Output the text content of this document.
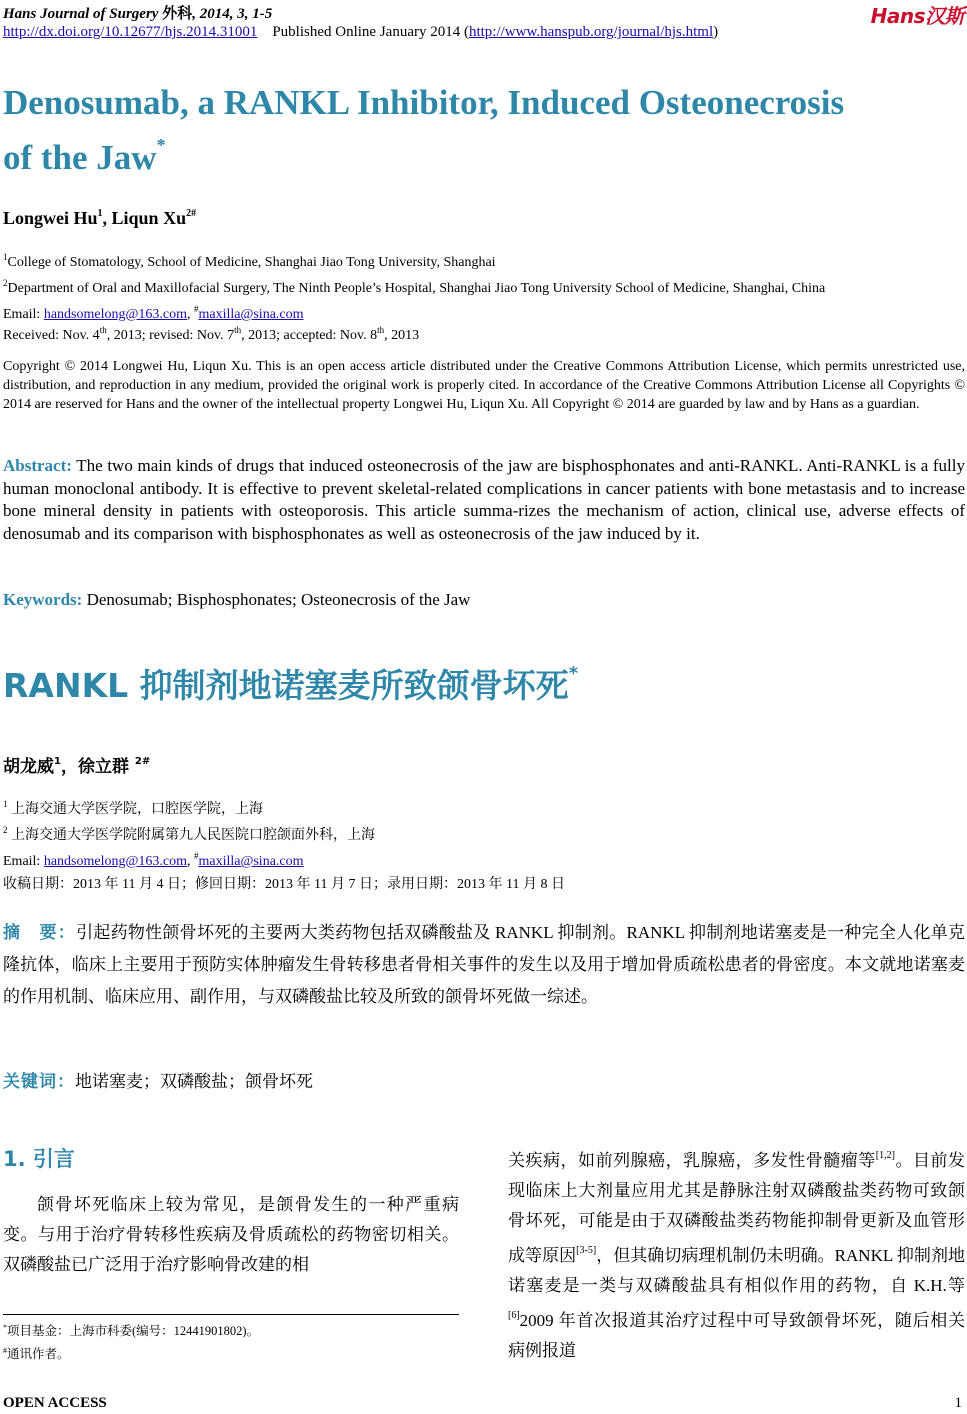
Hans Journal of Surgery 外科, 2014, 3, 1-5
http://dx.doi.org/10.12677/hjs.2014.31001 Published Online January 2014 (http://www.hanspub.org/journal/hjs.html)
Hans汉斯
Denosumab, a RANKL Inhibitor, Induced Osteonecrosis
of the Jaw*
Longwei Hu$^1$, Liqun $Xu^{2\#}$
$^1$College of Stomatology, School of Medicine, Shanghai Jiao Tong University, Shanghai
$^2$Department of Oral and Maxillofacial Surgery, The Ninth People’s Hospital, Shanghai Jiao Tong University School of Medicine, Shanghai, China
Email: handsomelong@163.com, #maxilla@sina.com
Received: Nov. 4th, 2013; revised: Nov. 7th, 2013; accepted: Nov. 8th, 2013
Copyright © 2014 Longwei Hu, Liqun Xu. This is an open access article distributed under the Creative Commons Attribution License, which permits unrestricted use, distribution, and reproduction in any medium, provided the original work is properly cited. In accordance of the Creative Commons Attribution License all Copyrights © 2014 are reserved for Hans and the owner of the intellectual property Longwei Hu, Liqun Xu. All Copyright © 2014 are guarded by law and by Hans as a guardian.
Abstract: The two main kinds of drugs that induced osteonecrosis of the jaw are bisphosphonates and anti-RANKL. Anti-RANKL is a fully human monoclonal antibody. It is effective to prevent skeletal-related complications in cancer patients with bone metastasis and to increase bone mineral density in patients with osteoporosis. This article summa-rizes the mechanism of action, clinical use, adverse effects of denosumab and its comparison with bisphosphonates as well as osteonecrosis of the jaw induced by it.
Keywords: Denosumab; Bisphosphonates; Osteonecrosis of the Jaw
RANKL 抑制剂地诺塞麦所致颌骨坏死*
胡龙威$^1$，徐立群 $^{2\#}$
$^1$ 上海交通大学医学院，口腔医学院，上海
$^2$ 上海交通大学医学院附属第九人民医院口腔颌面外科，上海
Email: handsomelong@163.com, #maxilla@sina.com
收稿日期：2013 年 11 月 4 日；修回日期：2013 年 11 月 7 日；录用日期：2013 年 11 月 8 日
摘　要：引起药物性颌骨坏死的主要两大类药物包括双磷酸盐及 RANKL 抑制剂。RANKL 抑制剂地诺塞麦是一种完全人化单克隆抗体，临床上主要用于预防实体肿瘤发生骨转移患者骨相关事件的发生以及用于增加骨质疏松患者的骨密度。本文就地诺塞麦的作用机制、临床应用、副作用，与双磷酸盐比较及所致的颌骨坏死做一综述。
关键词：地诺塞麦；双磷酸盐；颌骨坏死
1. 引言
颌骨坏死临床上较为常见，是颌骨发生的一种严重病变。与用于治疗骨转移性疾病及骨质疏松的药物密切相关。双磷酸盐已广泛用于治疗影响骨改建的相
关疾病，如前列腺癌，乳腺癌，多发性骨髓瘤等[1,2]。目前发现临床上大剂量应用尤其是静脉注射双磷酸盐类药物可致颌骨坏死，可能是由于双磷酸盐类药物能抑制骨更新及血管形成等原因[3-5]，但其确切病理机制仍未明确。RANKL 抑制剂地诺塞麦是一类与双磷酸盐具有相似作用的药物，自 K.H.等[6]2009 年首次报道其治疗过程中可导致颌骨坏死，随后相关病例报道
*项目基金：上海市科委(编号：12441901802)。
#通讯作者。
OPEN ACCESS	1
